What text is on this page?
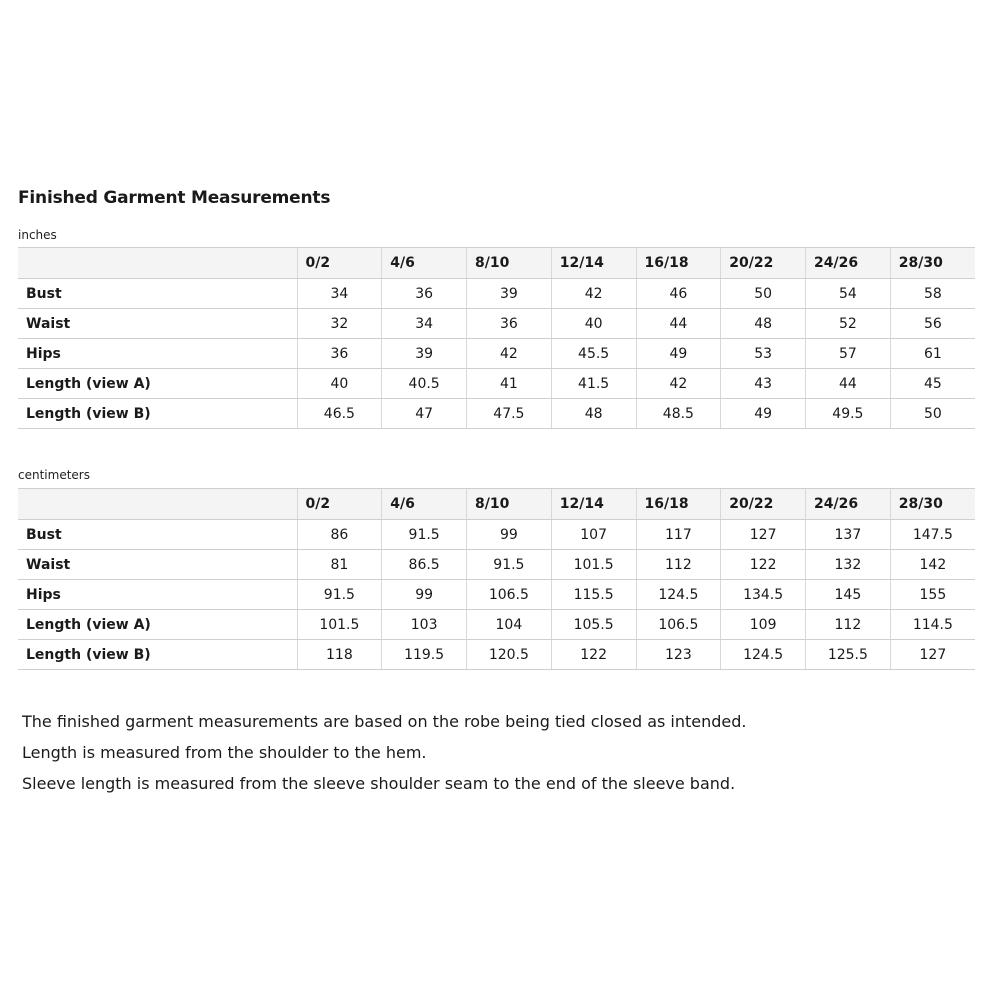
Finished Garment Measurements
inches
	0/2	4/6	8/10	12/14	16/18	20/22	24/26	28/30
Bust	34	36	39	42	46	50	54	58
Waist	32	34	36	40	44	48	52	56
Hips	36	39	42	45.5	49	53	57	61
Length (view A)	40	40.5	41	41.5	42	43	44	45
Length (view B)	46.5	47	47.5	48	48.5	49	49.5	50
centimeters
	0/2	4/6	8/10	12/14	16/18	20/22	24/26	28/30
Bust	86	91.5	99	107	117	127	137	147.5
Waist	81	86.5	91.5	101.5	112	122	132	142
Hips	91.5	99	106.5	115.5	124.5	134.5	145	155
Length (view A)	101.5	103	104	105.5	106.5	109	112	114.5
Length (view B)	118	119.5	120.5	122	123	124.5	125.5	127

The finished garment measurements are based on the robe being tied closed as intended.

Length is measured from the shoulder to the hem.

Sleeve length is measured from the sleeve shoulder seam to the end of the sleeve band.
